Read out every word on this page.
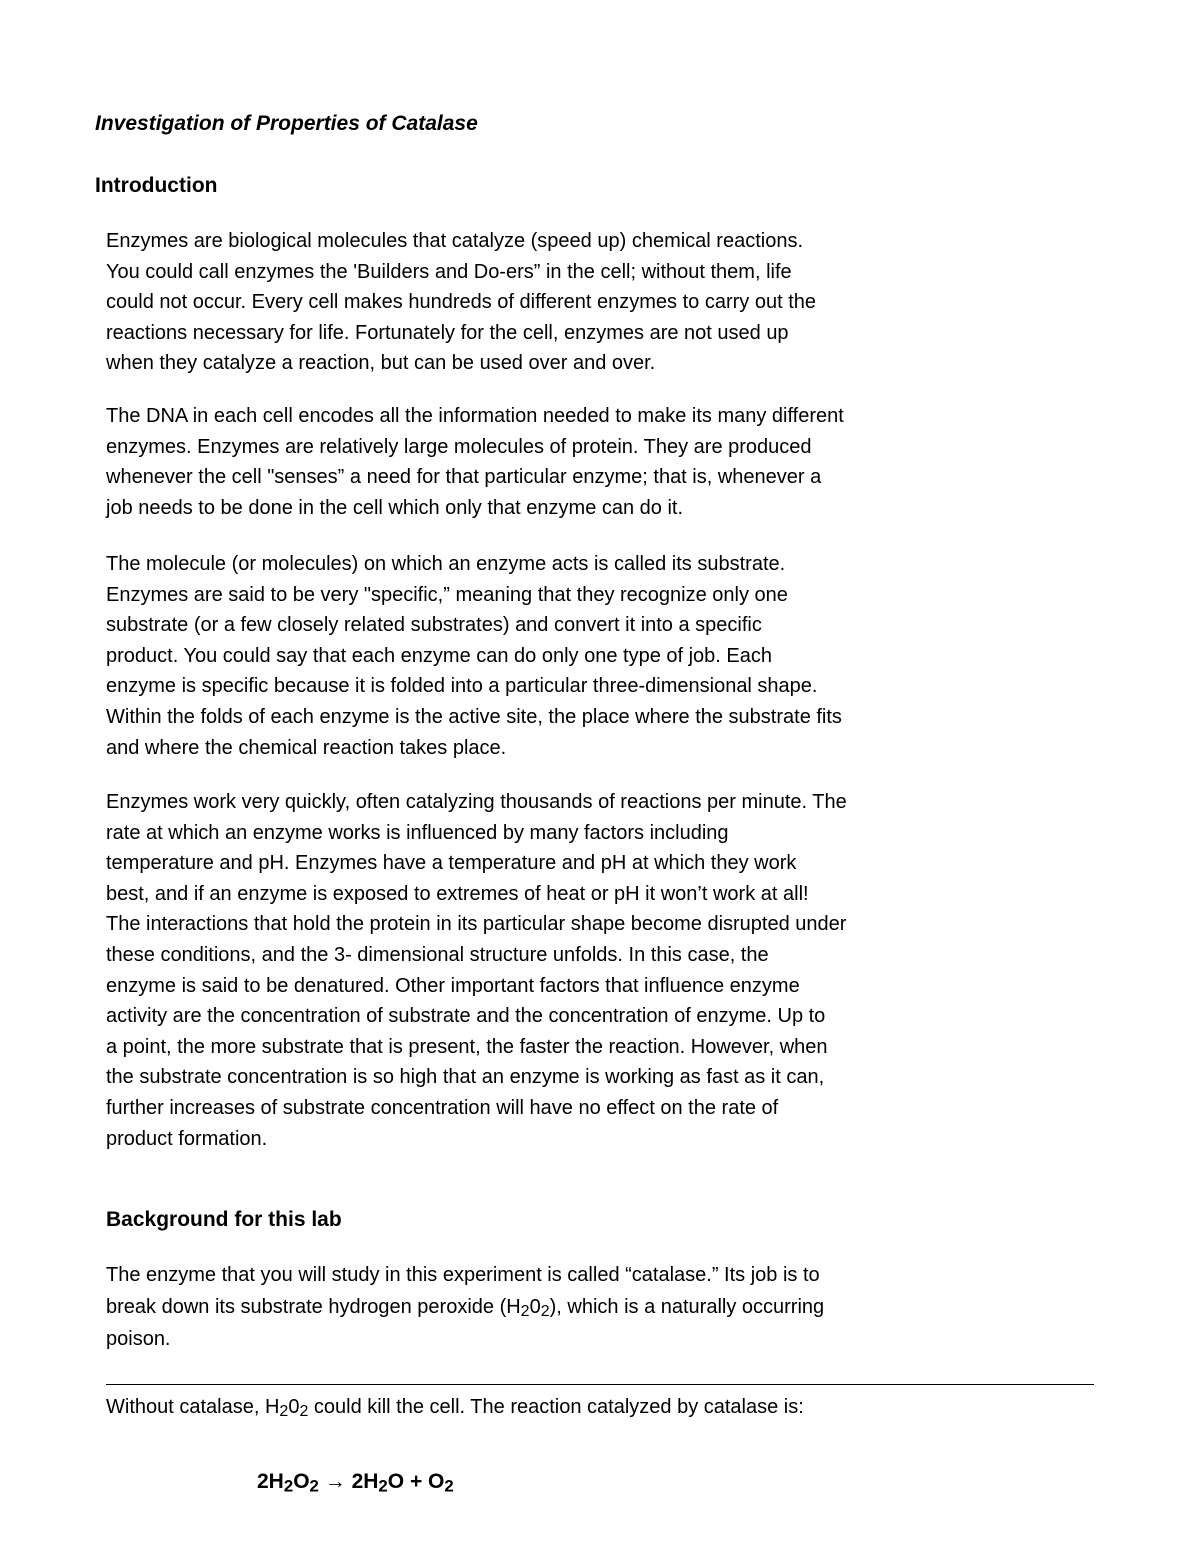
Investigation of Properties of Catalase
Introduction

Enzymes are biological molecules that catalyze (speed up) chemical reactions.
You could call enzymes the 'Builders and Do-ers” in the cell; without them, life
could not occur. Every cell makes hundreds of different enzymes to carry out the
reactions necessary for life. Fortunately for the cell, enzymes are not used up
when they catalyze a reaction, but can be used over and over.

The DNA in each cell encodes all the information needed to make its many different
enzymes. Enzymes are relatively large molecules of protein. They are produced
whenever the cell "senses” a need for that particular enzyme; that is, whenever a
job needs to be done in the cell which only that enzyme can do it.

The molecule (or molecules) on which an enzyme acts is called its substrate.
Enzymes are said to be very "specific,” meaning that they recognize only one
substrate (or a few closely related substrates) and convert it into a specific
product. You could say that each enzyme can do only one type of job. Each
enzyme is specific because it is folded into a particular three-dimensional shape.
Within the folds of each enzyme is the active site, the place where the substrate fits
and where the chemical reaction takes place.

Enzymes work very quickly, often catalyzing thousands of reactions per minute. The
rate at which an enzyme works is influenced by many factors including
temperature and pH. Enzymes have a temperature and pH at which they work
best, and if an enzyme is exposed to extremes of heat or pH it won’t work at all!
The interactions that hold the protein in its particular shape become disrupted under
these conditions, and the 3- dimensional structure unfolds. In this case, the
enzyme is said to be denatured. Other important factors that influence enzyme
activity are the concentration of substrate and the concentration of enzyme. Up to
a point, the more substrate that is present, the faster the reaction. However, when
the substrate concentration is so high that an enzyme is working as fast as it can,
further increases of substrate concentration will have no effect on the rate of
product formation.

Background for this lab

The enzyme that you will study in this experiment is called “catalase.” Its job is to
break down its substrate hydrogen peroxide $(H_20_2)$, which is a naturally occurring
poison.

Without catalase, $H_20_2$ could kill the cell. The reaction catalyzed by catalase is:

$2H_2O_2 \to 2H_2O + O_2$
